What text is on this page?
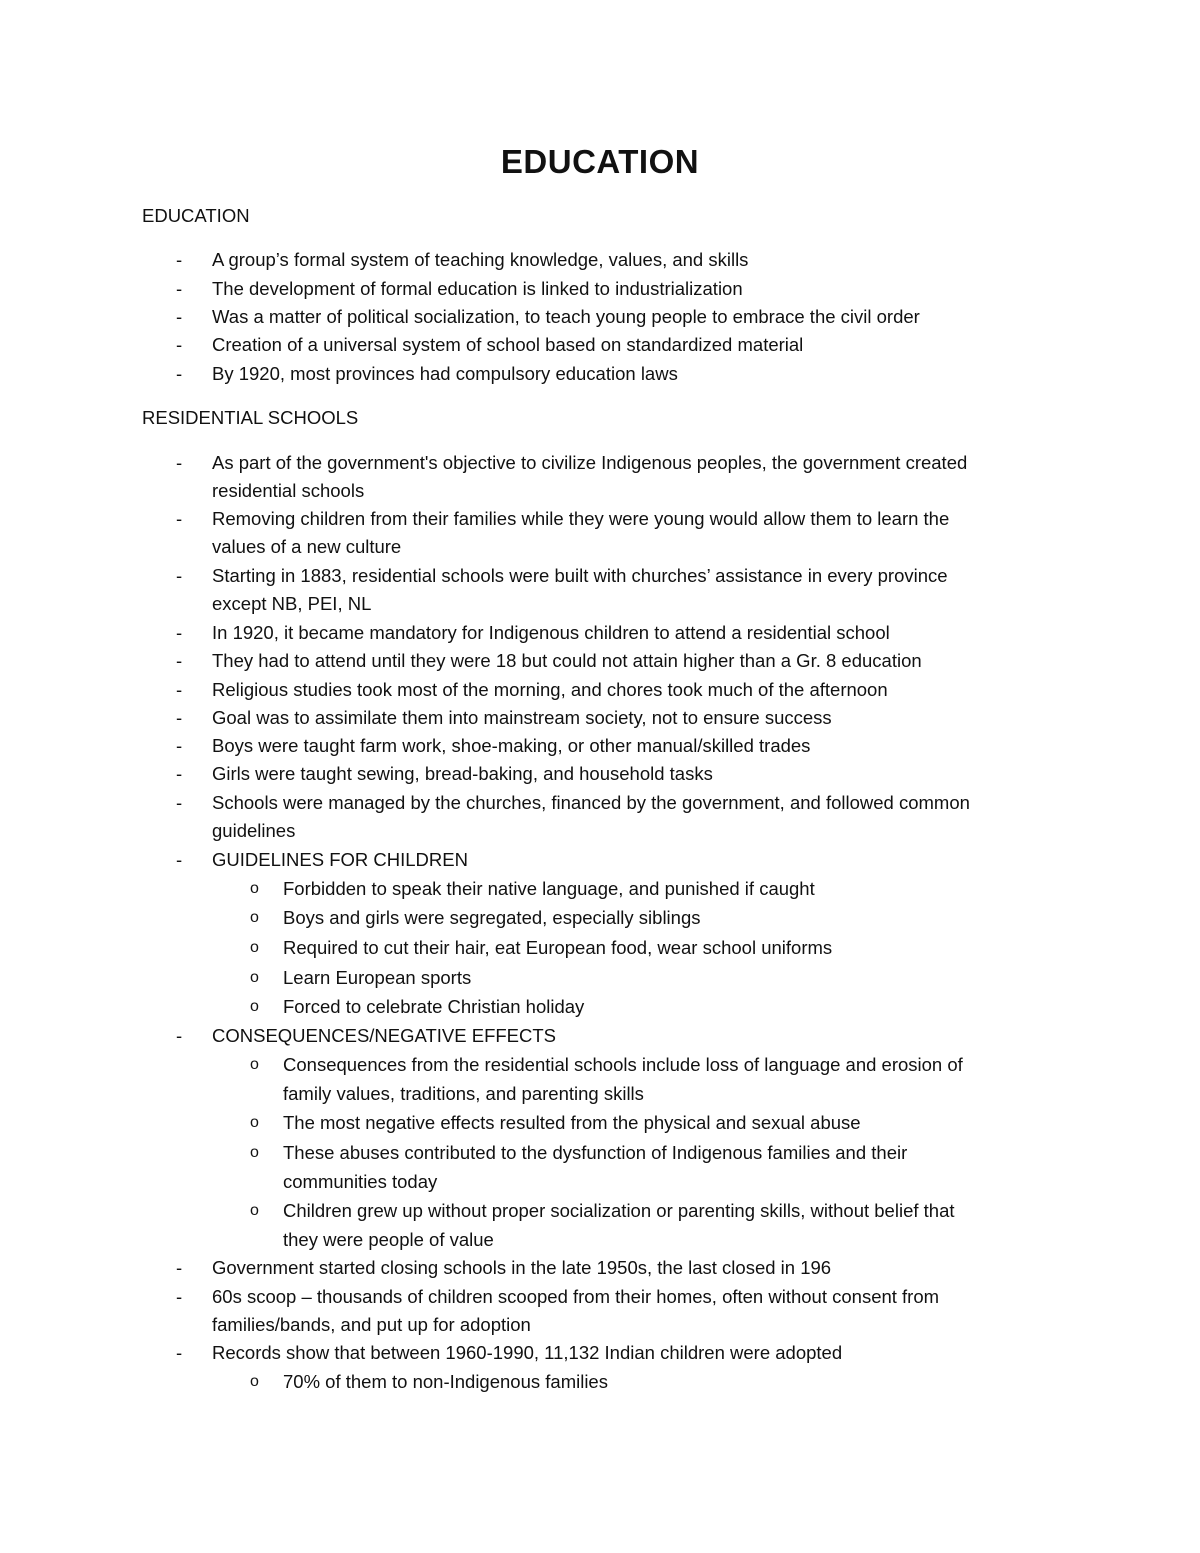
EDUCATION
EDUCATION
- A group’s formal system of teaching knowledge, values, and skills
- The development of formal education is linked to industrialization
- Was a matter of political socialization, to teach young people to embrace the civil order
- Creation of a universal system of school based on standardized material
- By 1920, most provinces had compulsory education laws
RESIDENTIAL SCHOOLS
- As part of the government's objective to civilize Indigenous peoples, the government created
residential schools
- Removing children from their families while they were young would allow them to learn the
values of a new culture
- Starting in 1883, residential schools were built with churches’ assistance in every province
except NB, PEI, NL
- In 1920, it became mandatory for Indigenous children to attend a residential school
- They had to attend until they were 18 but could not attain higher than a Gr. 8 education
- Religious studies took most of the morning, and chores took much of the afternoon
- Goal was to assimilate them into mainstream society, not to ensure success
- Boys were taught farm work, shoe-making, or other manual/skilled trades
- Girls were taught sewing, bread-baking, and household tasks
- Schools were managed by the churches, financed by the government, and followed common
guidelines
- GUIDELINES FOR CHILDREN
o Forbidden to speak their native language, and punished if caught
o Boys and girls were segregated, especially siblings
o Required to cut their hair, eat European food, wear school uniforms
o Learn European sports
o Forced to celebrate Christian holiday
- CONSEQUENCES/NEGATIVE EFFECTS
o Consequences from the residential schools include loss of language and erosion of
family values, traditions, and parenting skills
o The most negative effects resulted from the physical and sexual abuse
o These abuses contributed to the dysfunction of Indigenous families and their
communities today
o Children grew up without proper socialization or parenting skills, without belief that
they were people of value
- Government started closing schools in the late 1950s, the last closed in 196
- 60s scoop – thousands of children scooped from their homes, often without consent from
families/bands, and put up for adoption
- Records show that between 1960-1990, 11,132 Indian children were adopted
o 70% of them to non-Indigenous families
